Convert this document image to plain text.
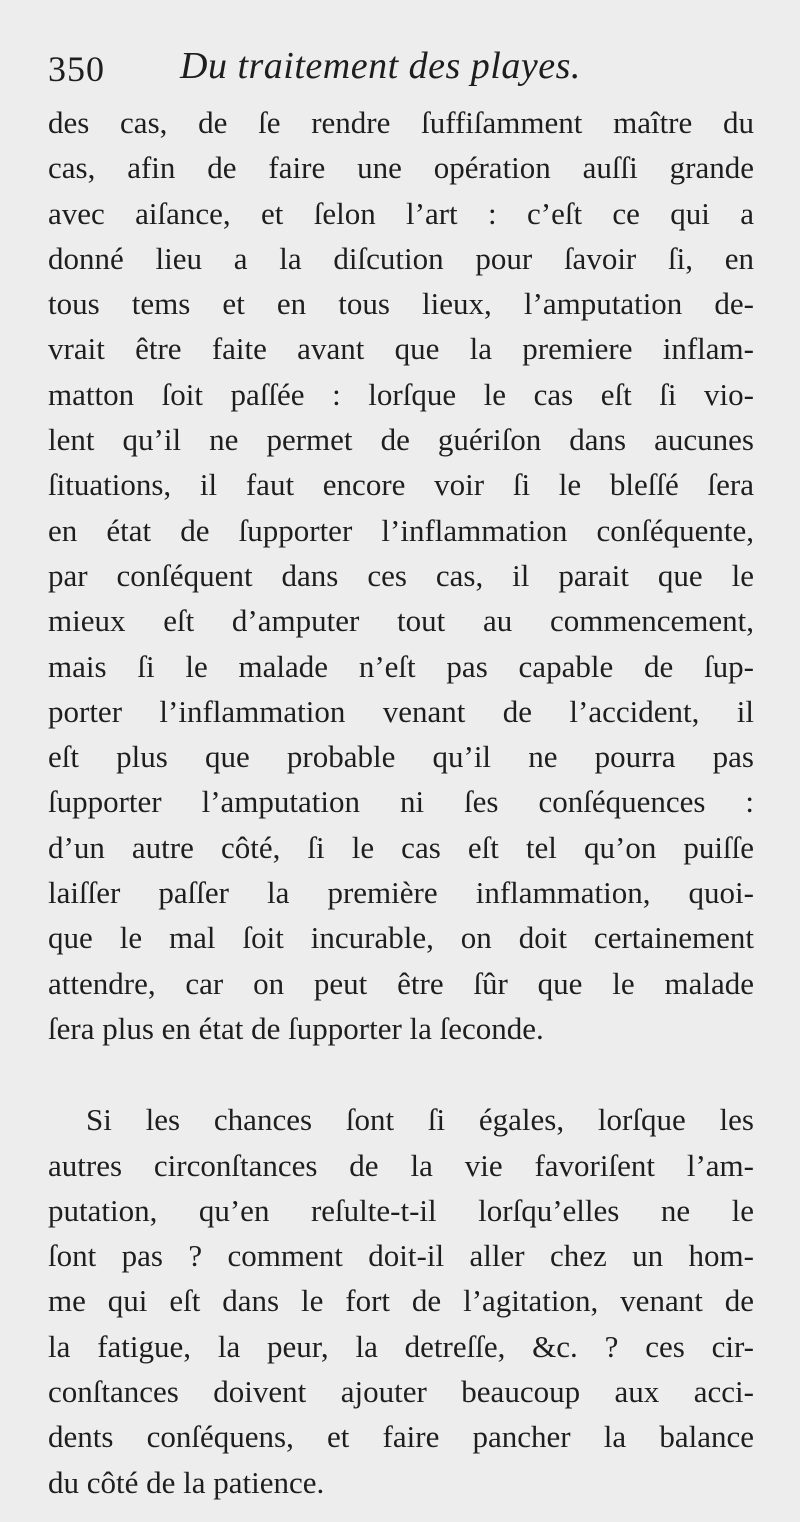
350 Du traitement des playes.
des cas, de ſe rendre ſuffiſamment maître du
cas, afin de faire une opération auſſi grande
avec aiſance, et ſelon l’art : c’eſt ce qui a
donné lieu a la diſcution pour ſavoir ſi, en
tous tems et en tous lieux, l’amputation de-
vrait être faite avant que la premiere inflam-
matton ſoit paſſée : lorſque le cas eſt ſi vio-
lent qu’il ne permet de guériſon dans aucunes
ſituations, il faut encore voir ſi le bleſſé ſera
en état de ſupporter l’inflammation conſéquente,
par conſéquent dans ces cas, il parait que le
mieux eſt d’amputer tout au commencement,
mais ſi le malade n’eſt pas capable de ſup-
porter l’inflammation venant de l’accident, il
eſt plus que probable qu’il ne pourra pas
ſupporter l’amputation ni ſes conſéquences :
d’un autre côté, ſi le cas eſt tel qu’on puiſſe
laiſſer paſſer la première inflammation, quoi-
que le mal ſoit incurable, on doit certainement
attendre, car on peut être ſûr que le malade
ſera plus en état de ſupporter la ſeconde.
Si les chances ſont ſi égales, lorſque les
autres circonſtances de la vie favoriſent l’am-
putation, qu’en reſulte-t-il lorſqu’elles ne le
ſont pas ? comment doit-il aller chez un hom-
me qui eſt dans le fort de l’agitation, venant de
la fatigue, la peur, la detreſſe, &c. ? ces cir-
conſtances doivent ajouter beaucoup aux acci-
dents conſéquens, et faire pancher la balance
du côté de la patience.
